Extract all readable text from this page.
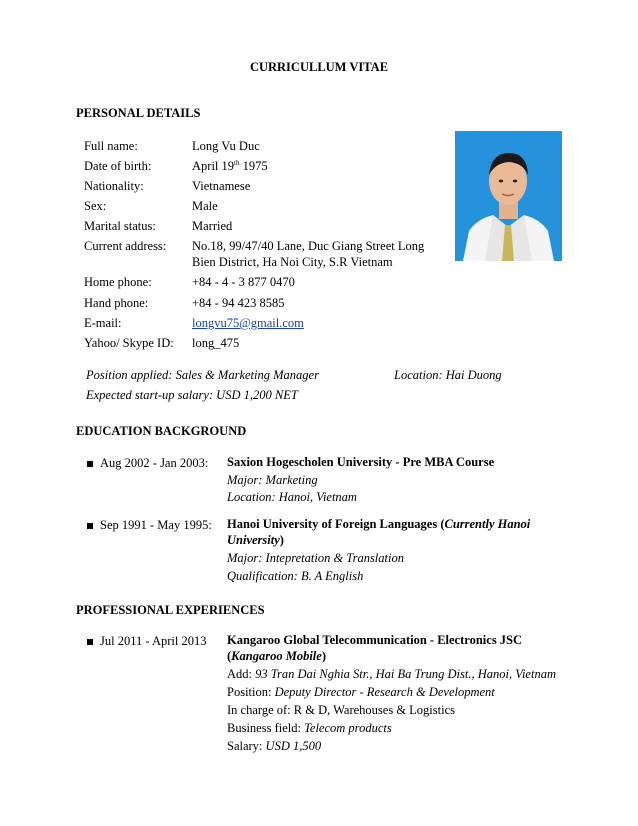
CURRICULLUM VITAE
PERSONAL DETAILS
Full name:	Long Vu Duc
Date of birth:	April 19th 1975
Nationality:	Vietnamese
Sex:	Male
Marital status:	Married
Current address: No.18, 99/47/40 Lane, Duc Giang Street Long
Bien District, Ha Noi City, S.R Vietnam
Home phone:	+84 - 4 - 3 877 0470
Hand phone:	+84 - 94 423 8585
E-mail:	longvu75@gmail.com
Yahoo/ Skype ID: long_475
Position applied: Sales & Marketing Manager	Location: Hai Duong
Expected start-up salary: USD 1,200 NET
EDUCATION BACKGROUND
Aug 2002 - Jan 2003: Saxion Hogescholen University - Pre MBA Course
Major: Marketing
Location: Hanoi, Vietnam
Sep 1991 - May 1995: Hanoi University of Foreign Languages (Currently Hanoi
University)
Major: Intepretation & Translation
Qualification: B. A English
PROFESSIONAL EXPERIENCES
Jul 2011 - April 2013 Kangaroo Global Telecommunication - Electronics JSC
(Kangaroo Mobile)
Add: 93 Tran Dai Nghia Str., Hai Ba Trung Dist., Hanoi, Vietnam
Position: Deputy Director - Research & Development
In charge of: R & D, Warehouses & Logistics
Business field: Telecom products
Salary: USD 1,500
